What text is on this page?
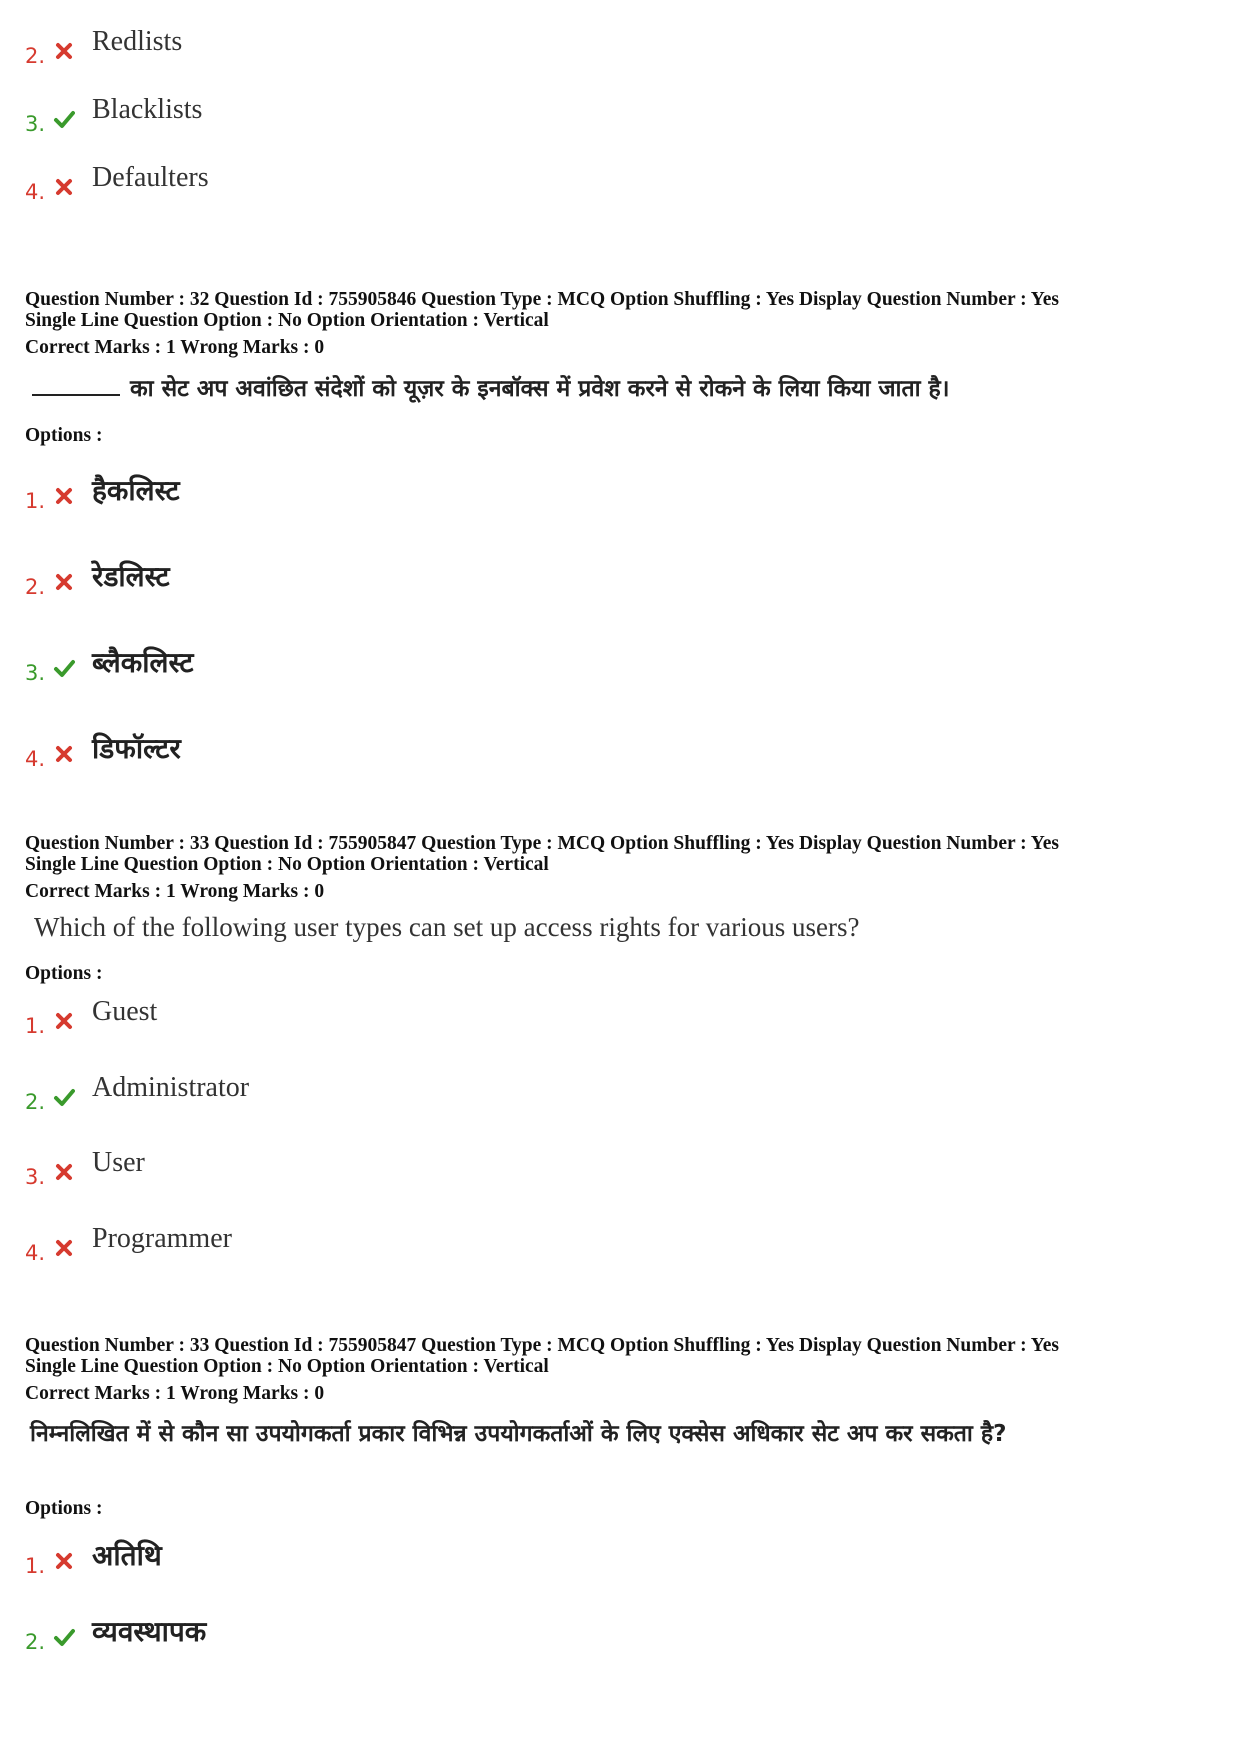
2. Redlists
3. Blacklists
4. Defaulters
Question Number : 32 Question Id : 755905846 Question Type : MCQ Option Shuffling : Yes Display Question Number : Yes
Single Line Question Option : No Option Orientation : Vertical
Correct Marks : 1 Wrong Marks : 0
का सेट अप अवांछित संदेशों को यूज़र के इनबॉक्स में प्रवेश करने से रोकने के लिया किया जाता है।
Options :
1. हैकलिस्ट
2. रेडलिस्ट
3. ब्लैकलिस्ट
4. डिफॉल्टर
Question Number : 33 Question Id : 755905847 Question Type : MCQ Option Shuffling : Yes Display Question Number : Yes
Single Line Question Option : No Option Orientation : Vertical
Correct Marks : 1 Wrong Marks : 0
Which of the following user types can set up access rights for various users?
Options :
1. Guest
2. Administrator
3. User
4. Programmer
Question Number : 33 Question Id : 755905847 Question Type : MCQ Option Shuffling : Yes Display Question Number : Yes
Single Line Question Option : No Option Orientation : Vertical
Correct Marks : 1 Wrong Marks : 0
निम्नलिखित में से कौन सा उपयोगकर्ता प्रकार विभिन्न उपयोगकर्ताओं के लिए एक्सेस अधिकार सेट अप कर सकता है?
Options :
1. अतिथि
2. व्यवस्थापक
